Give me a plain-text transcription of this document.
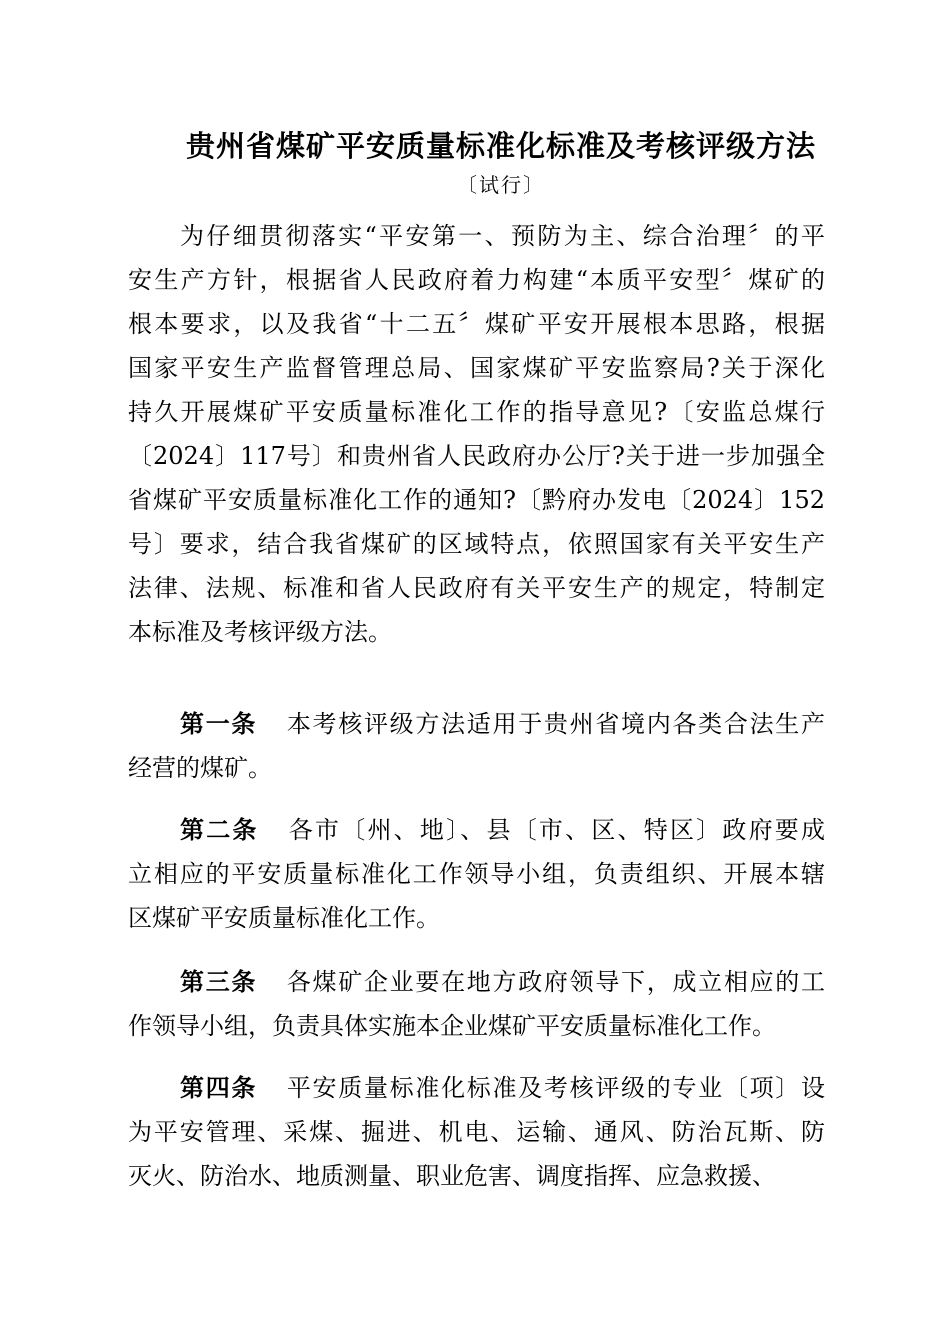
贵州省煤矿平安质量标准化标准及考核评级方法
〔试行〕
为仔细贯彻落实“平安第一、预防为主、综合治理〞的平
安生产方针，根据省人民政府着力构建“本质平安型〞煤矿的
根本要求，以及我省“十二五〞煤矿平安开展根本思路，根据
国家平安生产监督管理总局、国家煤矿平安监察局?关于深化
持久开展煤矿平安质量标准化工作的指导意见?〔安监总煤行
〔2024〕117号〕和贵州省人民政府办公厅?关于进一步加强全
省煤矿平安质量标准化工作的通知?〔黔府办发电〔2024〕152
号〕要求，结合我省煤矿的区域特点，依照国家有关平安生产
法律、法规、标准和省人民政府有关平安生产的规定，特制定
本标准及考核评级方法。
第一条 本考核评级方法适用于贵州省境内各类合法生产
经营的煤矿。
第二条 各市〔州、地〕、县〔市、区、特区〕政府要成
立相应的平安质量标准化工作领导小组，负责组织、开展本辖
区煤矿平安质量标准化工作。
第三条 各煤矿企业要在地方政府领导下，成立相应的工
作领导小组，负责具体实施本企业煤矿平安质量标准化工作。
第四条 平安质量标准化标准及考核评级的专业〔项〕设
为平安管理、采煤、掘进、机电、运输、通风、防治瓦斯、防
灭火、防治水、地质测量、职业危害、调度指挥、应急救援、
